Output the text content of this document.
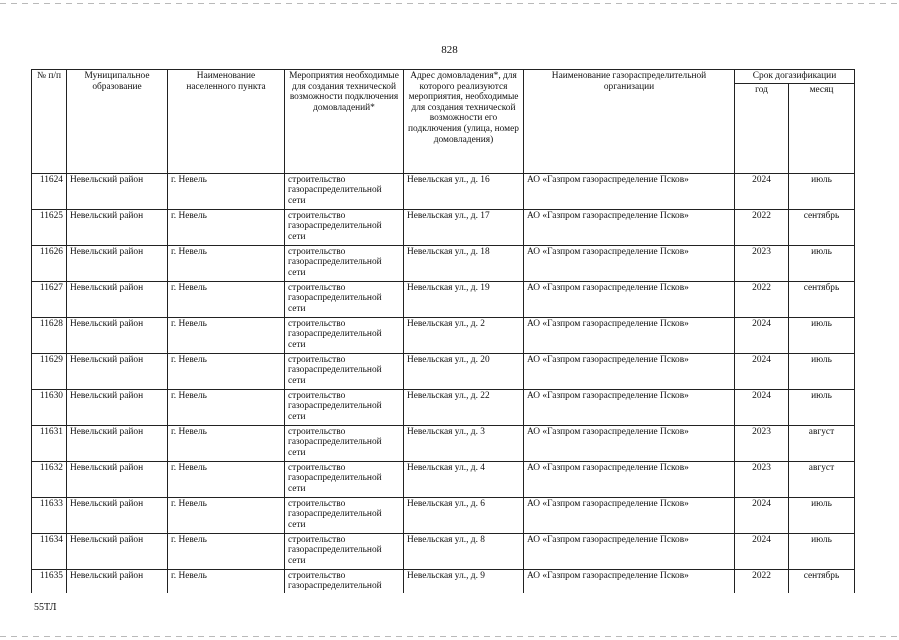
828
№ п/п	Муниципальное образование	Наименование населенного пункта	Мероприятия необходимые для создания технической возможности подключения домовладений*	Адрес домовладения*, для которого реализуются мероприятия, необходимые для создания технической возможности его подключения (улица, номер домовладения)	Наименование газораспределительной организации	Срок догазификации	
						год	месяц
11624	Невельский район	г. Невель	строительство газораспределительной сети	Невельская ул., д. 16	АО «Газпром газораспределение Псков»	2024	июль
11625	Невельский район	г. Невель	строительство газораспределительной сети	Невельская ул., д. 17	АО «Газпром газораспределение Псков»	2022	сентябрь
11626	Невельский район	г. Невель	строительство газораспределительной сети	Невельская ул., д. 18	АО «Газпром газораспределение Псков»	2023	июль
11627	Невельский район	г. Невель	строительство газораспределительной сети	Невельская ул., д. 19	АО «Газпром газораспределение Псков»	2022	сентябрь
11628	Невельский район	г. Невель	строительство газораспределительной сети	Невельская ул., д. 2	АО «Газпром газораспределение Псков»	2024	июль
11629	Невельский район	г. Невель	строительство газораспределительной сети	Невельская ул., д. 20	АО «Газпром газораспределение Псков»	2024	июль
11630	Невельский район	г. Невель	строительство газораспределительной сети	Невельская ул., д. 22	АО «Газпром газораспределение Псков»	2024	июль
11631	Невельский район	г. Невель	строительство газораспределительной сети	Невельская ул., д. 3	АО «Газпром газораспределение Псков»	2023	август
11632	Невельский район	г. Невель	строительство газораспределительной сети	Невельская ул., д. 4	АО «Газпром газораспределение Псков»	2023	август
11633	Невельский район	г. Невель	строительство газораспределительной сети	Невельская ул., д. 6	АО «Газпром газораспределение Псков»	2024	июль
11634	Невельский район	г. Невель	строительство газораспределительной сети	Невельская ул., д. 8	АО «Газпром газораспределение Псков»	2024	июль
11635	Невельский район	г. Невель	строительство газораспределительной	Невельская ул., д. 9	АО «Газпром газораспределение Псков»	2022	сентябрь
55ТЛ
